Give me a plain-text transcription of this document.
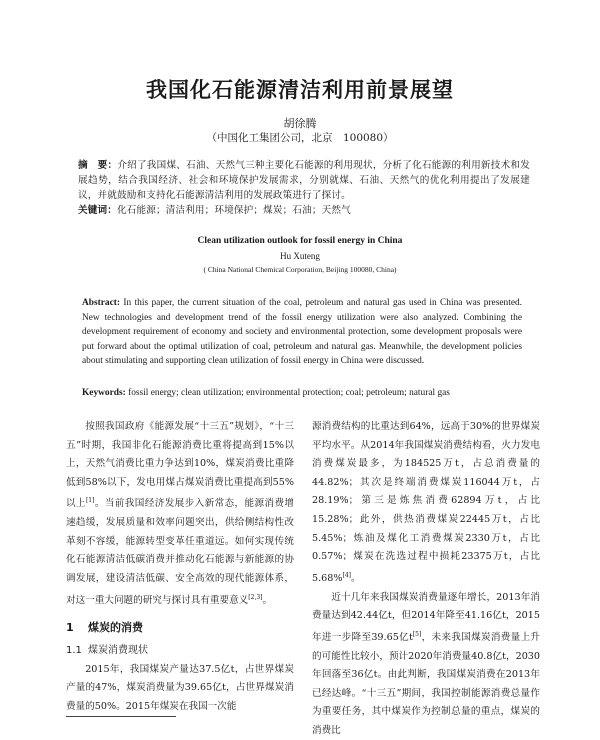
我国化石能源清洁利用前景展望
胡徐腾
（中国化工集团公司，北京　100080）
摘　要：介绍了我国煤、石油、天然气三种主要化石能源的利用现状，分析了化石能源的利用新技术和发展趋势，结合我国经济、社会和环境保护发展需求，分别就煤、石油、天然气的优化利用提出了发展建议，并就鼓励和支持化石能源清洁利用的发展政策进行了探讨。
关键词：化石能源；清洁利用；环境保护；煤炭；石油；天然气
Clean utilization outlook for fossil energy in China
Hu Xuteng
( China National Chemical Corporation, Beijing 100080, China)
Abstract: In this paper, the current situation of the coal, petroleum and natural gas used in China was presented. New technologies and development trend of the fossil energy utilization were also analyzed. Combining the development requirement of economy and society and environmental protection, some development proposals were put forward about the optimal utilization of coal, petroleum and natural gas. Meanwhile, the development policies about stimulating and supporting clean utilization of fossil energy in China were discussed.
Keywords: fossil energy; clean utilization; environmental protection; coal; petroleum; natural gas

按照我国政府《能源发展“十三五”规划》，“十三五”时期，我国非化石能源消费比重将提高到15%以上，天然气消费比重力争达到10%，煤炭消费比重降低到58%以下，发电用煤占煤炭消费比重提高到55%以上[1]。当前我国经济发展步入新常态，能源消费增速趋缓，发展质量和效率问题突出，供给侧结构性改革刻不容缓，能源转型变革任重道远。如何实现传统化石能源清洁低碳消费并推动化石能源与新能源的协调发展，建设清洁低碳、安全高效的现代能源体系，对这一重大问题的研究与探讨具有重要意义[2,3]。

1 煤炭的消费
1.1 煤炭消费现状

2015年，我国煤炭产量达37.5亿t，占世界煤炭产量的47%，煤炭消费量为39.65亿t，占世界煤炭消费量的50%。2015年煤炭在我国一次能

源消费结构的比重达到64%，远高于30%的世界煤炭平均水平。从2014年我国煤炭消费结构看，火力发电消费煤炭最多，为184525万t，占总消费量的44.82%；其次是终端消费煤炭116044万t，占28.19%；第三是炼焦消费62894万t，占比15.28%；此外，供热消费煤炭22445万t，占比5.45%；炼油及煤化工消费煤炭2330万t，占比0.57%；煤炭在洗选过程中损耗23375万t，占比5.68%[4]。

近十几年来我国煤炭消费量逐年增长，2013年消费量达到42.44亿t，但2014年降至41.16亿t，2015年进一步降至39.65亿t[5]，未来我国煤炭消费量上升的可能性比较小，预计2020年消费量40.8亿t，2030年回落至36亿t。由此判断，我国煤炭消费在2013年已经达峰。“十三五”期间，我国控制能源消费总量作为重要任务，其中煤炭作为控制总量的重点，煤炭的消费比
